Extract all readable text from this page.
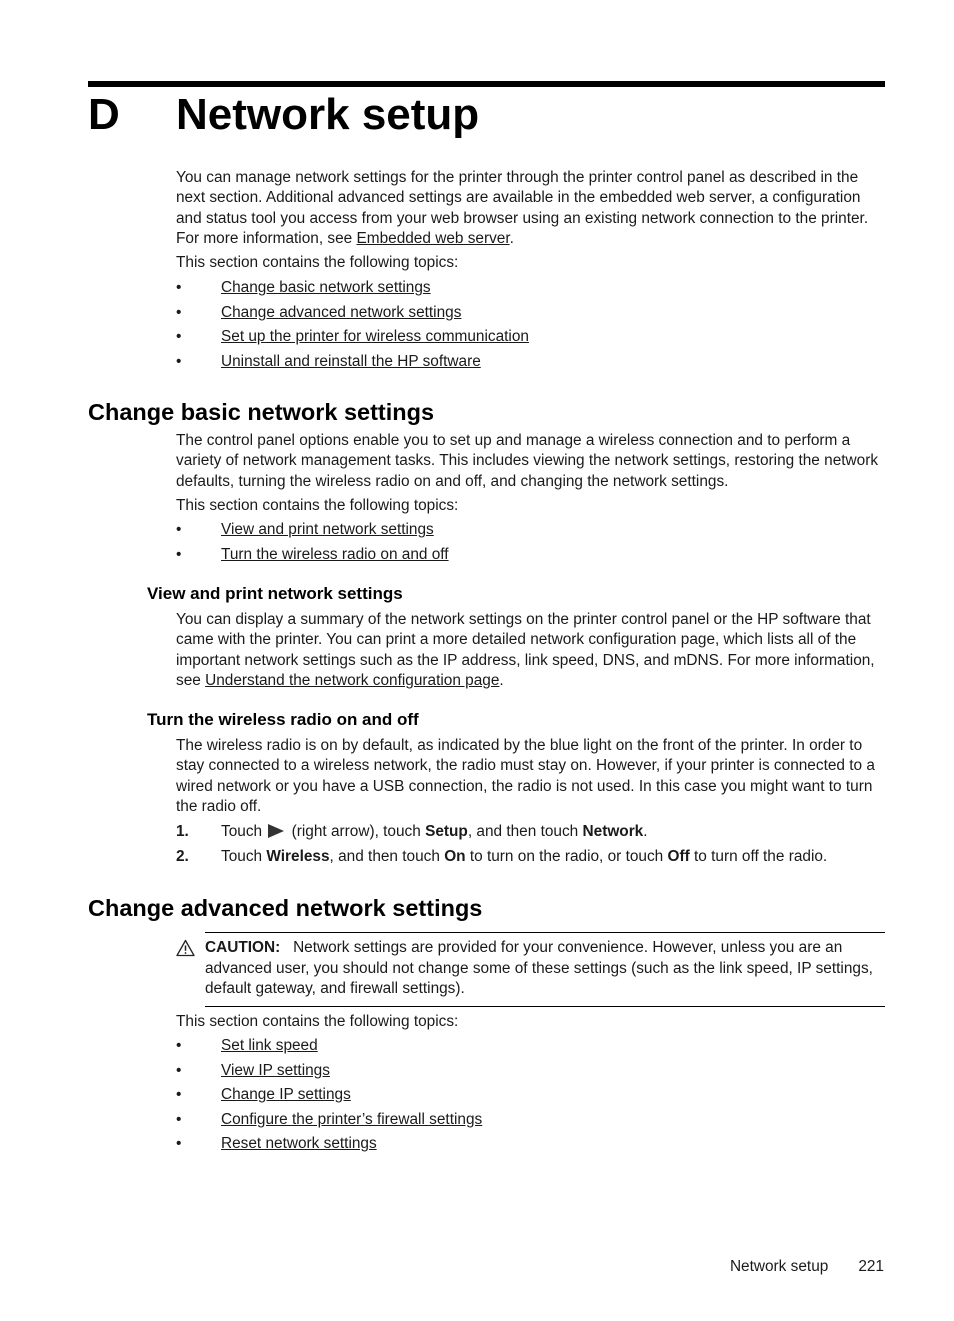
D Network setup

You can manage network settings for the printer through the printer control panel as described in the next section. Additional advanced settings are available in the embedded web server, a configuration and status tool you access from your web browser using an existing network connection to the printer. For more information, see Embedded web server.

This section contains the following topics:

•	Change basic network settings
•	Change advanced network settings
•	Set up the printer for wireless communication
•	Uninstall and reinstall the HP software
Change basic network settings

The control panel options enable you to set up and manage a wireless connection and to perform a variety of network management tasks. This includes viewing the network settings, restoring the network defaults, turning the wireless radio on and off, and changing the network settings.

This section contains the following topics:

•	View and print network settings
•	Turn the wireless radio on and off
View and print network settings

You can display a summary of the network settings on the printer control panel or the HP software that came with the printer. You can print a more detailed network configuration page, which lists all of the important network settings such as the IP address, link speed, DNS, and mDNS. For more information, see Understand the network configuration page.

Turn the wireless radio on and off

The wireless radio is on by default, as indicated by the blue light on the front of the printer. In order to stay connected to a wireless network, the radio must stay on. However, if your printer is connected to a wired network or you have a USB connection, the radio is not used. In this case you might want to turn the radio off.

1. Touch  (right arrow), touch Setup, and then touch Network.
2. Touch Wireless, and then touch On to turn on the radio, or touch Off to turn off the radio.
Change advanced network settings

CAUTION: Network settings are provided for your convenience. However, unless you are an advanced user, you should not change some of these settings (such as the link speed, IP settings, default gateway, and firewall settings).

This section contains the following topics:

•	Set link speed
•	View IP settings
•	Change IP settings
•	Configure the printer’s firewall settings
•	Reset network settings
Network setup 221
